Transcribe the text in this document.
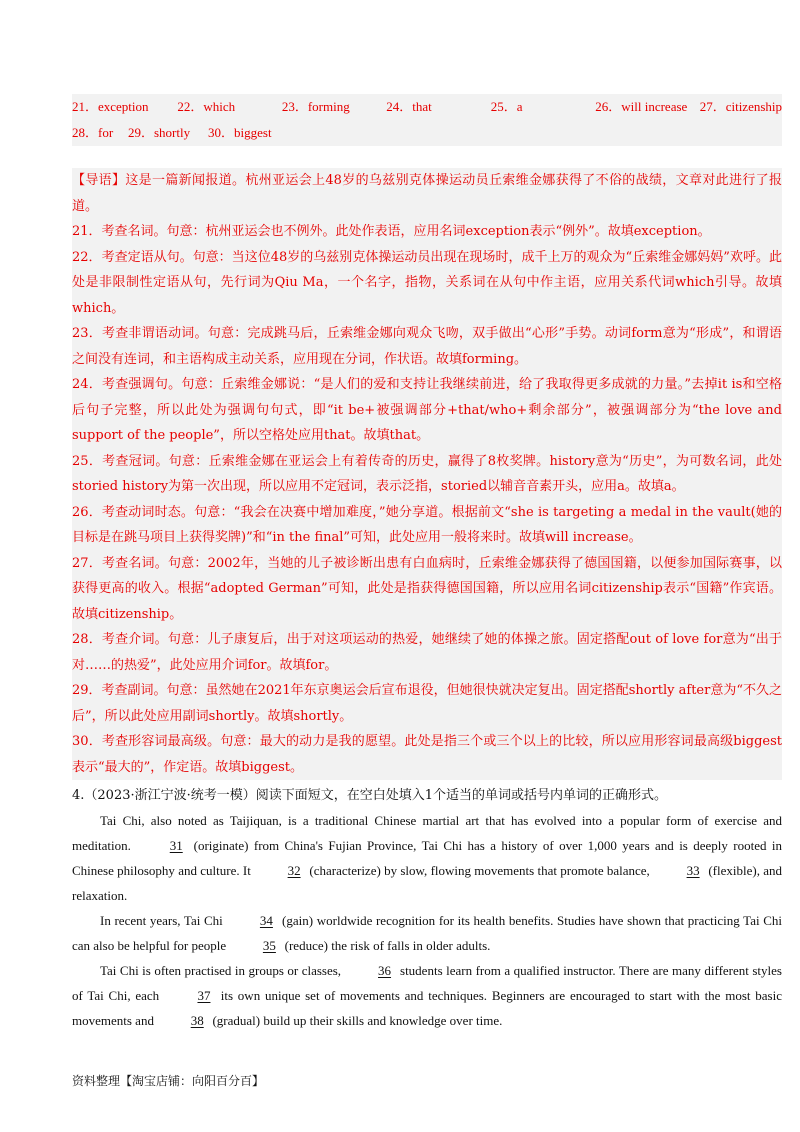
21．exception	22．which	23．forming	24．that	25．a	26．will increase 27．citizenship
28．for	29．shortly	30．biggest

【导语】这是一篇新闻报道。杭州亚运会上48岁的乌兹别克体操运动员丘索维金娜获得了不俗的战绩，文章对此进行了报道。

21．考查名词。句意：杭州亚运会也不例外。此处作表语，应用名词exception表示“例外”。故填exception。

22．考查定语从句。句意：当这位48岁的乌兹别克体操运动员出现在现场时，成千上万的观众为“丘索维金娜妈妈”欢呼。此处是非限制性定语从句，先行词为Qiu Ma，一个名字，指物，关系词在从句中作主语，应用关系代词which引导。故填which。

23．考查非谓语动词。句意：完成跳马后，丘索维金娜向观众飞吻，双手做出“心形”手势。动词form意为“形成”，和谓语之间没有连词，和主语构成主动关系，应用现在分词，作状语。故填forming。

24．考查强调句。句意：丘索维金娜说：“是人们的爱和支持让我继续前进，给了我取得更多成就的力量。”去掉it is和空格后句子完整，所以此处为强调句句式，即“it be+被强调部分+that/who+剩余部分”，被强调部分为“the love and support of the people”，所以空格处应用that。故填that。

25．考查冠词。句意：丘索维金娜在亚运会上有着传奇的历史，赢得了8枚奖牌。history意为“历史”，为可数名词，此处storied history为第一次出现，所以应用不定冠词，表示泛指，storied以辅音音素开头，应用a。故填a。

26．考查动词时态。句意：“我会在决赛中增加难度，”她分享道。根据前文“she is targeting a medal in the vault(她的目标是在跳马项目上获得奖牌)”和“in the final”可知，此处应用一般将来时。故填will increase。

27．考查名词。句意：2002年，当她的儿子被诊断出患有白血病时，丘索维金娜获得了德国国籍，以便参加国际赛事，以获得更高的收入。根据“adopted German”可知，此处是指获得德国国籍，所以应用名词citizenship表示“国籍”作宾语。故填citizenship。

28．考查介词。句意：儿子康复后，出于对这项运动的热爱，她继续了她的体操之旅。固定搭配out of love for意为“出于对……的热爱”，此处应用介词for。故填for。

29．考查副词。句意：虽然她在2021年东京奥运会后宣布退役，但她很快就决定复出。固定搭配shortly after意为“不久之后”，所以此处应用副词shortly。故填shortly。

30．考查形容词最高级。句意：最大的动力是我的愿望。此处是指三个或三个以上的比较，所以应用形容词最高级biggest表示“最大的”，作定语。故填biggest。

4.（2023·浙江宁波·统考一模）阅读下面短文，在空白处填入1个适当的单词或括号内单词的正确形式。

Tai Chi, also noted as Taijiquan, is a traditional Chinese martial art that has evolved into a popular form of exercise and meditation.	31 (originate) from China's Fujian Province, Tai Chi has a history of over 1,000 years and is deeply rooted in Chinese philosophy and culture. It	32 (characterize) by slow, flowing movements that promote balance,	33 (flexible), and relaxation.

In recent years, Tai Chi	34 (gain) worldwide recognition for its health benefits. Studies have shown that practicing Tai Chi can also be helpful for people	35 (reduce) the risk of falls in older adults.

Tai Chi is often practised in groups or classes,	36 students learn from a qualified instructor. There are many different styles of Tai Chi, each	37 its own unique set of movements and techniques. Beginners are encouraged to start with the most basic movements and	38 (gradual) build up their skills and knowledge over time.

资料整理【淘宝店铺：向阳百分百】
